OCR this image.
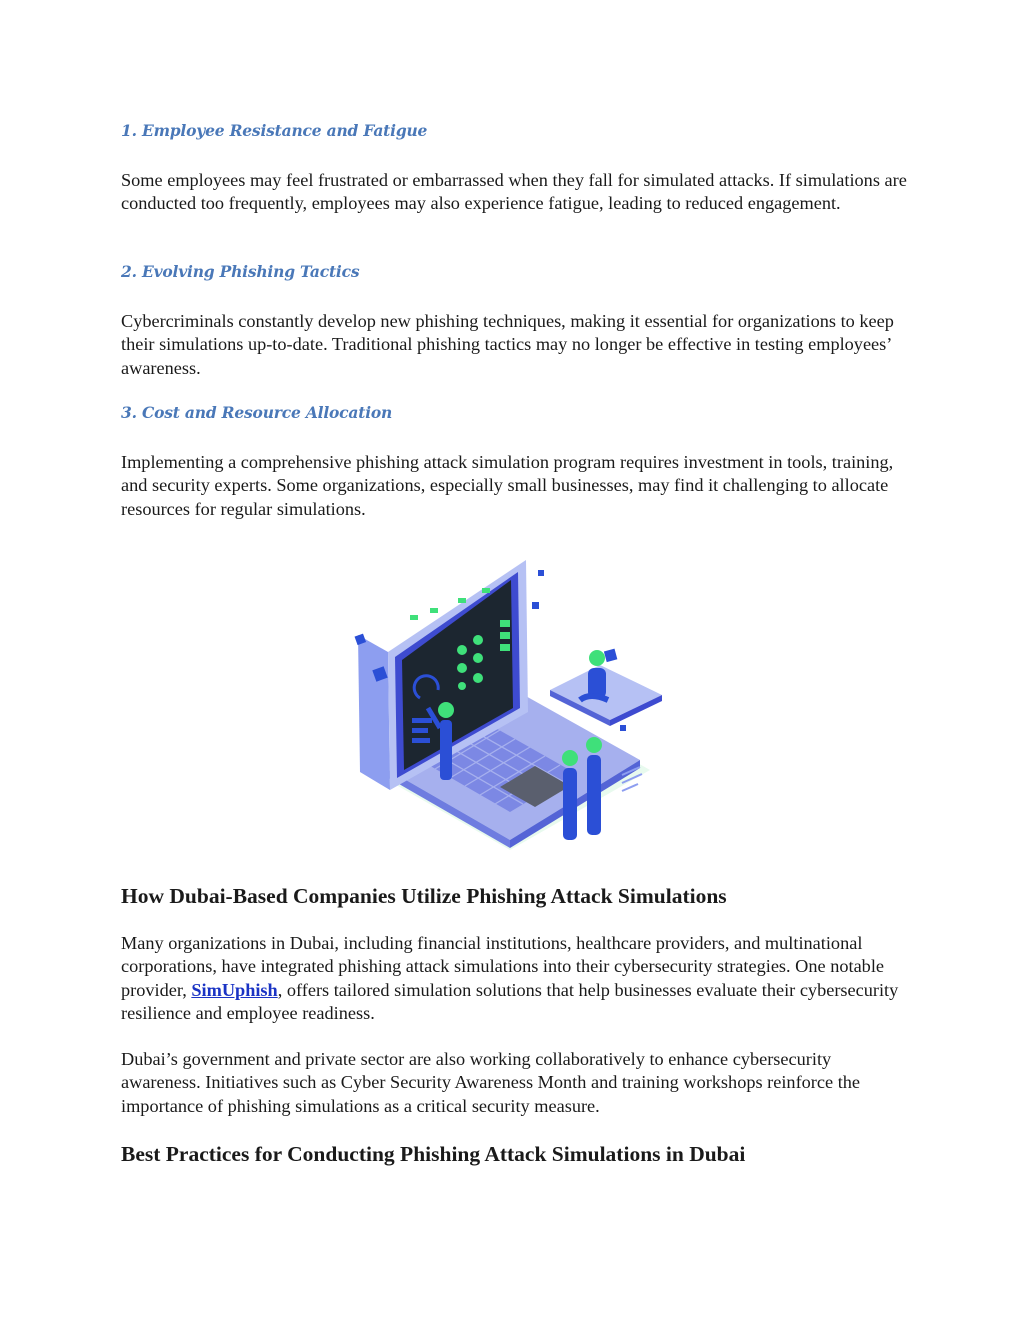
1. Employee Resistance and Fatigue

Some employees may feel frustrated or embarrassed when they fall for simulated attacks. If simulations are conducted too frequently, employees may also experience fatigue, leading to reduced engagement.

2. Evolving Phishing Tactics

Cybercriminals constantly develop new phishing techniques, making it essential for organizations to keep their simulations up-to-date. Traditional phishing tactics may no longer be effective in testing employees’ awareness.

3. Cost and Resource Allocation

Implementing a comprehensive phishing attack simulation program requires investment in tools, training, and security experts. Some organizations, especially small businesses, may find it challenging to allocate resources for regular simulations.

How Dubai-Based Companies Utilize Phishing Attack Simulations

Many organizations in Dubai, including financial institutions, healthcare providers, and multinational corporations, have integrated phishing attack simulations into their cybersecurity strategies. One notable provider, SimUphish, offers tailored simulation solutions that help businesses evaluate their cybersecurity resilience and employee readiness.

Dubai’s government and private sector are also working collaboratively to enhance cybersecurity awareness. Initiatives such as Cyber Security Awareness Month and training workshops reinforce the importance of phishing simulations as a critical security measure.

Best Practices for Conducting Phishing Attack Simulations in Dubai
